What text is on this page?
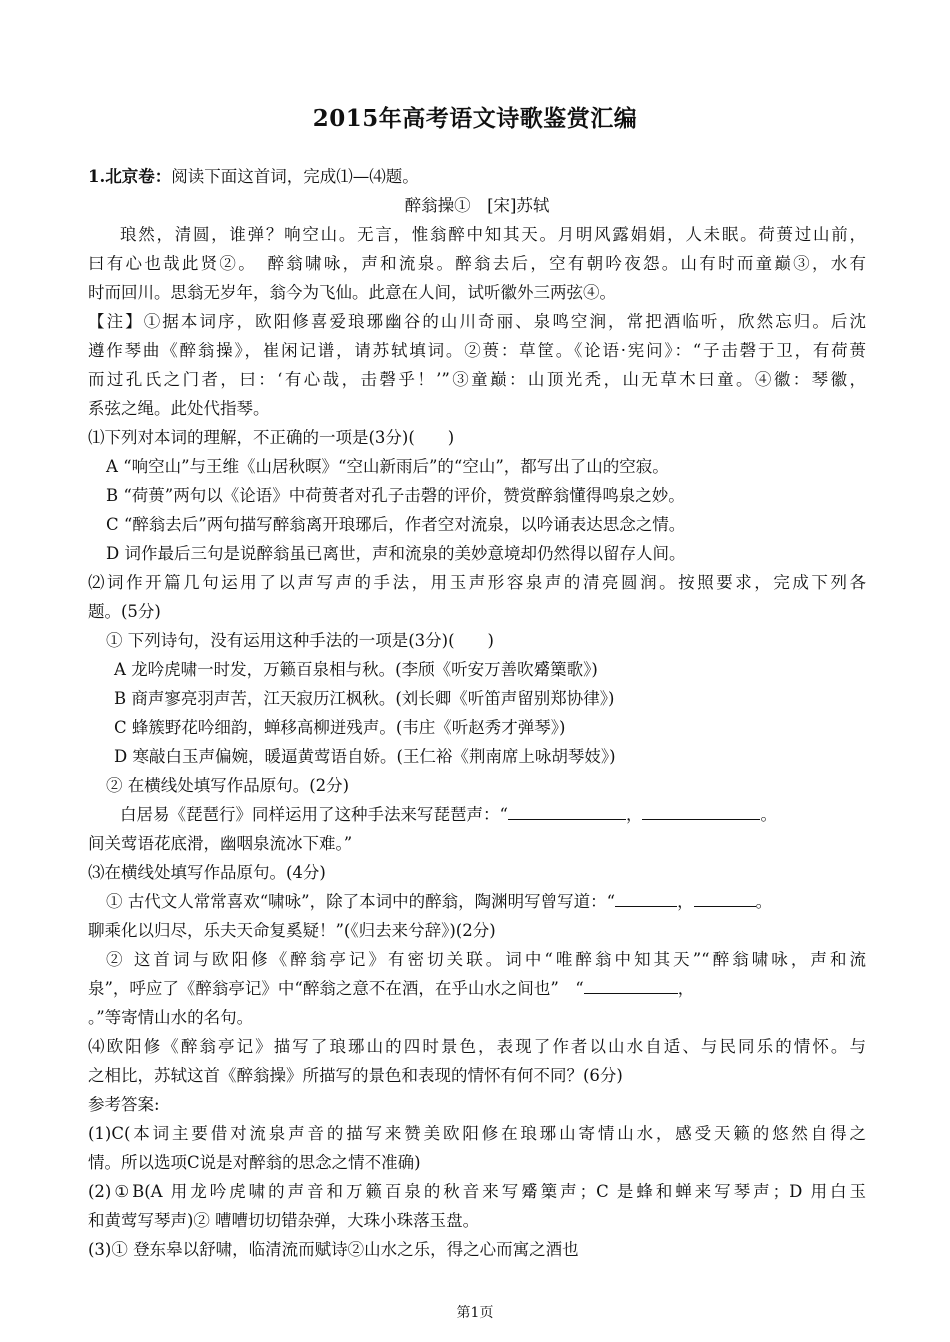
2015年高考语文诗歌鉴赏汇编
1.北京卷：阅读下面这首词，完成⑴—⑷题。
醉翁操①　[宋]苏轼
琅然，清圆，谁弹？响空山。无言，惟翁醉中知其天。月明风露娟娟，人未眠。荷蒉过山前，
曰有心也哉此贤②。　醉翁啸咏，声和流泉。醉翁去后，空有朝吟夜怨。山有时而童巅③，水有
时而回川。思翁无岁年，翁今为飞仙。此意在人间，试听徽外三两弦④。
【注】①据本词序，欧阳修喜爱琅琊幽谷的山川奇丽、泉鸣空涧，常把酒临听，欣然忘归。后沈
遵作琴曲《醉翁操》，崔闲记谱，请苏轼填词。②蒉：草筐。《论语·宪问》：“子击磬于卫，有荷蒉
而过孔氏之门者，曰：‘有心哉，击磬乎！’”③童巅：山顶光秃，山无草木曰童。④徽：琴徽，
系弦之绳。此处代指琴。
⑴下列对本词的理解，不正确的一项是(3分)(　　)
A “响空山”与王维《山居秋暝》“空山新雨后”的“空山”，都写出了山的空寂。
B “荷蒉”两句以《论语》中荷蒉者对孔子击磬的评价，赞赏醉翁懂得鸣泉之妙。
C “醉翁去后”两句描写醉翁离开琅琊后，作者空对流泉，以吟诵表达思念之情。
D 词作最后三句是说醉翁虽已离世，声和流泉的美妙意境却仍然得以留存人间。
⑵词作开篇几句运用了以声写声的手法，用玉声形容泉声的清亮圆润。按照要求，完成下列各
题。(5分)
① 下列诗句，没有运用这种手法的一项是(3分)(　　)
A 龙吟虎啸一时发，万籁百泉相与秋。(李颀《听安万善吹觱篥歌》)
B 商声寥亮羽声苦，江天寂历江枫秋。(刘长卿《听笛声留别郑协律》)
C 蜂簇野花吟细韵，蝉移高柳迸残声。(韦庄《听赵秀才弹琴》)
D 寒敲白玉声偏婉，暖逼黄莺语自娇。(王仁裕《荆南席上咏胡琴妓》)
② 在横线处填写作品原句。(2分)
白居易《琵琶行》同样运用了这种手法来写琵琶声：“	，	。
间关莺语花底滑，幽咽泉流冰下难。”
⑶在横线处填写作品原句。(4分)
① 古代文人常常喜欢“啸咏”，除了本词中的醉翁，陶渊明写曾写道：“	，	。
聊乘化以归尽，乐夫天命复奚疑！”(《归去来兮辞》)(2分)
② 这首词与欧阳修《醉翁亭记》有密切关联。词中“唯醉翁中知其天”“醉翁啸咏，声和流
泉”，呼应了《醉翁亭记》中“醉翁之意不在酒，在乎山水之间也”　“	，
。”等寄情山水的名句。
⑷欧阳修《醉翁亭记》描写了琅琊山的四时景色，表现了作者以山水自适、与民同乐的情怀。与
之相比，苏轼这首《醉翁操》所描写的景色和表现的情怀有何不同？(6分)
参考答案:
(1)C(本词主要借对流泉声音的描写来赞美欧阳修在琅琊山寄情山水，感受天籁的悠然自得之
情。所以选项C说是对醉翁的思念之情不准确)
(2)①B(A 用龙吟虎啸的声音和万籁百泉的秋音来写觱篥声；C 是蜂和蝉来写琴声；D 用白玉
和黄莺写琴声)② 嘈嘈切切错杂弹，大珠小珠落玉盘。
(3)① 登东皋以舒啸，临清流而赋诗②山水之乐，得之心而寓之酒也
第1页
